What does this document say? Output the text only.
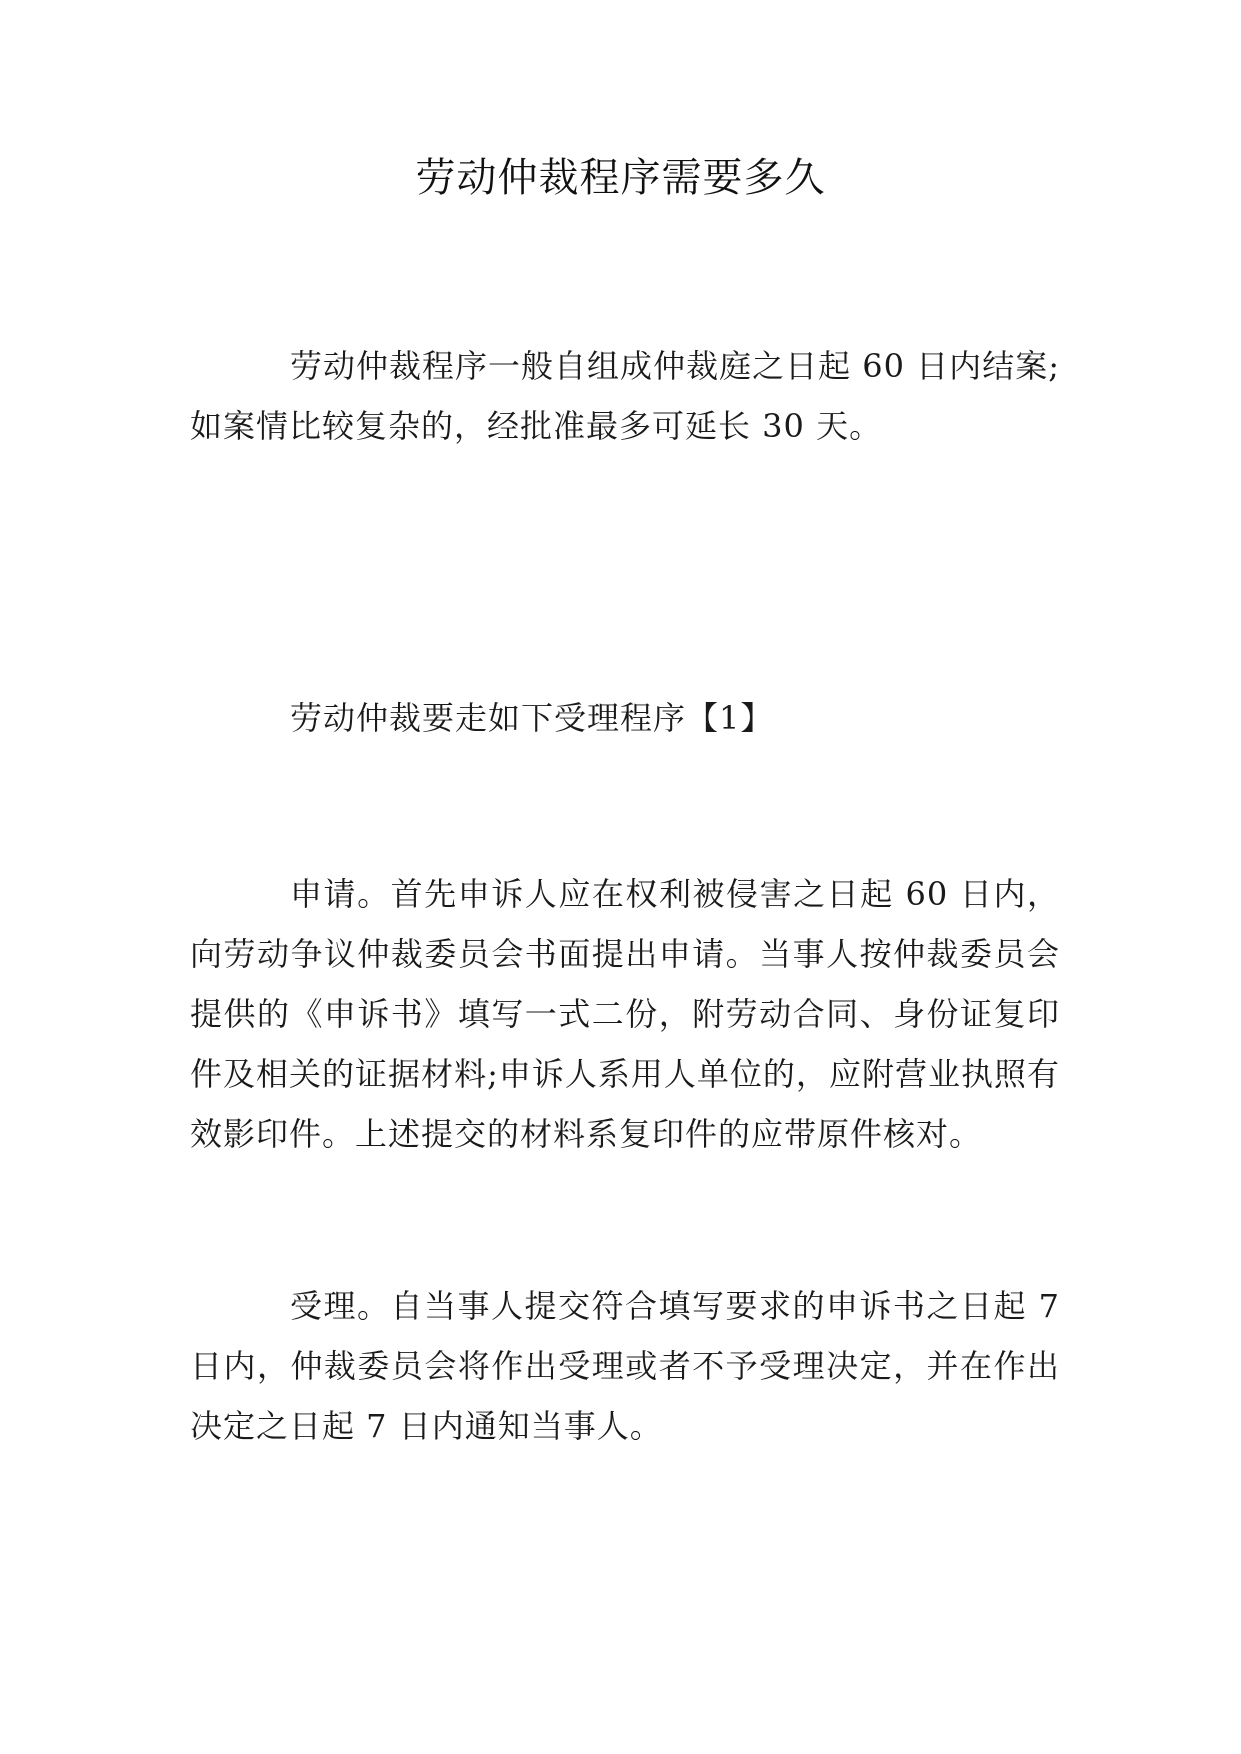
劳动仲裁程序需要多久

劳动仲裁程序一般自组成仲裁庭之日起 60 日内结案;如案情比较复杂的，经批准最多可延长 30 天。

劳动仲裁要走如下受理程序【1】

申请。首先申诉人应在权利被侵害之日起 60 日内，向劳动争议仲裁委员会书面提出申请。当事人按仲裁委员会提供的《申诉书》填写一式二份，附劳动合同、身份证复印件及相关的证据材料;申诉人系用人单位的，应附营业执照有效影印件。上述提交的材料系复印件的应带原件核对。

受理。自当事人提交符合填写要求的申诉书之日起 7 日内，仲裁委员会将作出受理或者不予受理决定，并在作出决定之日起 7 日内通知当事人。
